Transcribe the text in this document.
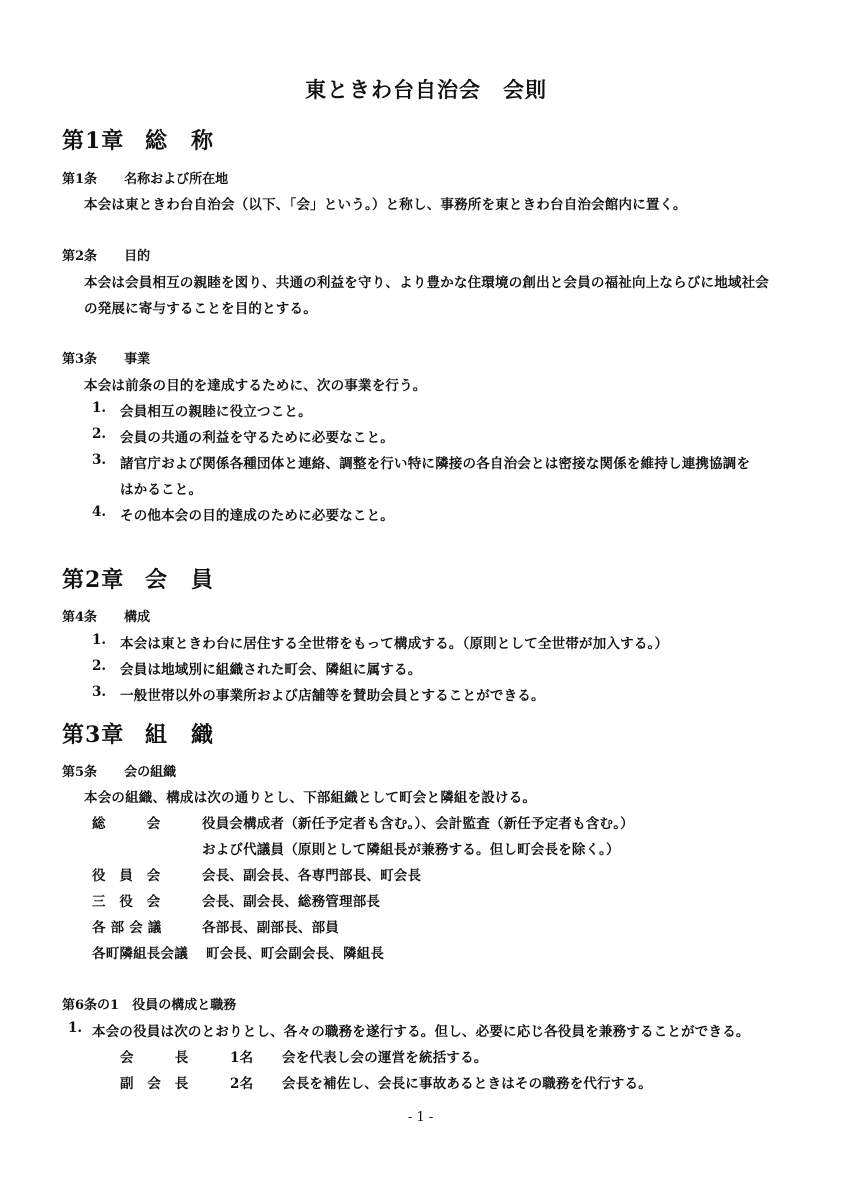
東ときわ台自治会　会則
第1章 総　称
第1条 名称および所在地
本会は東ときわ台自治会（以下、「会」という。）と称し、事務所を東ときわ台自治会館内に置く。
第2条 目的
本会は会員相互の親睦を図り、共通の利益を守り、より豊かな住環境の創出と会員の福祉向上ならびに地域社会
の発展に寄与することを目的とする。
第3条 事業
本会は前条の目的を達成するために、次の事業を行う。
1. 会員相互の親睦に役立つこと。
2. 会員の共通の利益を守るために必要なこと。
3. 諸官庁および関係各種団体と連絡、調整を行い特に隣接の各自治会とは密接な関係を維持し連携協調を
はかること。
4. その他本会の目的達成のために必要なこと。
第2章 会　員
第4条 構成
1. 本会は東ときわ台に居住する全世帯をもって構成する。（原則として全世帯が加入する。）
2. 会員は地域別に組織された町会、隣組に属する。
3. 一般世帯以外の事業所および店舗等を賛助会員とすることができる。
第3章 組　織
第5条 会の組織
本会の組織、構成は次の通りとし、下部組織として町会と隣組を設ける。
総　　　会	役員会構成者（新任予定者も含む。）、会計監査（新任予定者も含む。）
および代議員（原則として隣組長が兼務する。但し町会長を除く。）
役　員　会	会長、副会長、各専門部長、町会長
三　役　会	会長、副会長、総務管理部長
各 部 会 議	各部長、副部長、部員
各町隣組長会議 町会長、町会副会長、隣組長
第6条の1 役員の構成と職務
1. 本会の役員は次のとおりとし、各々の職務を遂行する。但し、必要に応じ各役員を兼務することができる。
会　　　長	1名 会を代表し会の運営を統括する。
副　会　長	2名 会長を補佐し、会長に事故あるときはその職務を代行する。
- 1 -
